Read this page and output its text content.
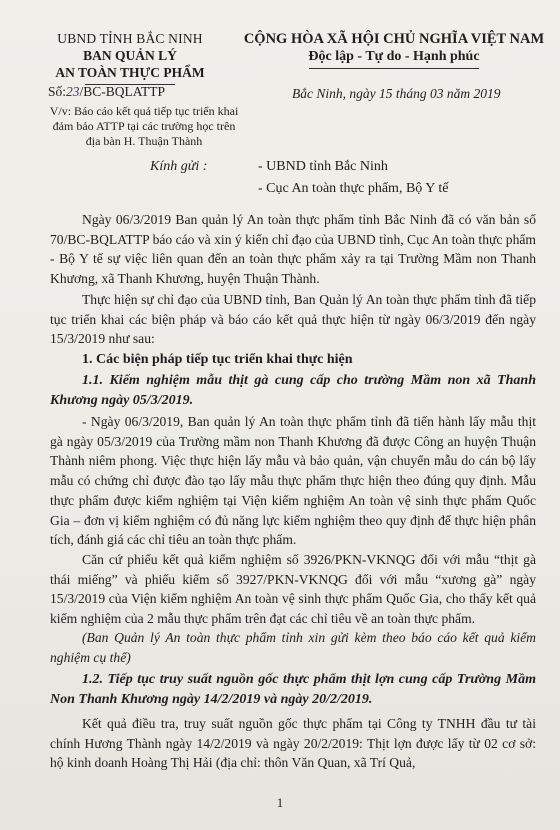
UBND TỈNH BẮC NINH
BAN QUẢN LÝ
AN TOÀN THỰC PHẨM
CỘNG HÒA XÃ HỘI CHỦ NGHĨA VIỆT NAM
Độc lập - Tự do - Hạnh phúc
Số:23/BC-BQLATTP
V/v: Báo cáo kết quả tiếp tục triển khai đảm bảo ATTP tại các trường học trên địa bàn H. Thuận Thành
Bắc Ninh, ngày 15 tháng 03 năm 2019
Kính gửi :	- UBND tỉnh Bắc Ninh
- Cục An toàn thực phẩm, Bộ Y tế
Ngày 06/3/2019 Ban quản lý An toàn thực phẩm tỉnh Bắc Ninh đã có văn bản số 70/BC-BQLATTP báo cáo và xin ý kiến chỉ đạo của UBND tỉnh, Cục An toàn thực phẩm - Bộ Y tế sự việc liên quan đến an toàn thực phẩm xảy ra tại Trường Mầm non Thanh Khương, xã Thanh Khương, huyện Thuận Thành.
Thực hiện sự chỉ đạo của UBND tỉnh, Ban Quản lý An toàn thực phẩm tỉnh đã tiếp tục triển khai các biện pháp và báo cáo kết quả thực hiện từ ngày 06/3/2019 đến ngày 15/3/2019 như sau:
1. Các biện pháp tiếp tục triển khai thực hiện
1.1. Kiểm nghiệm mẫu thịt gà cung cấp cho trường Mầm non xã Thanh Khương ngày 05/3/2019.
- Ngày 06/3/2019, Ban quản lý An toàn thực phẩm tỉnh đã tiến hành lấy mẫu thịt gà ngày 05/3/2019 của Trường mầm non Thanh Khương đã được Công an huyện Thuận Thành niêm phong. Việc thực hiện lấy mẫu và bảo quản, vận chuyển mẫu do cán bộ lấy mẫu có chứng chỉ được đào tạo lấy mẫu thực phẩm thực hiện theo đúng quy định. Mẫu thực phẩm được kiểm nghiệm tại Viện kiểm nghiệm An toàn vệ sinh thực phẩm Quốc Gia – đơn vị kiểm nghiệm có đủ năng lực kiểm nghiệm theo quy định để thực hiện phân tích, đánh giá các chỉ tiêu an toàn thực phẩm.
Căn cứ phiếu kết quả kiểm nghiệm số 3926/PKN-VKNQG đối với mẫu “thịt gà thái miếng” và phiếu kiểm số 3927/PKN-VKNQG đối với mẫu “xương gà” ngày 15/3/2019 của Viện kiểm nghiệm An toàn vệ sinh thực phẩm Quốc Gia, cho thấy kết quả kiểm nghiệm của 2 mẫu thực phẩm trên đạt các chỉ tiêu về an toàn thực phẩm.
(Ban Quản lý An toàn thực phẩm tỉnh xin gửi kèm theo báo cáo kết quả kiểm nghiệm cụ thể)
1.2. Tiếp tục truy suất nguồn gốc thực phẩm thịt lợn cung cấp Trường Mầm Non Thanh Khương ngày 14/2/2019 và ngày 20/2/2019.
Kết quả điều tra, truy suất nguồn gốc thực phẩm tại Công ty TNHH đầu tư tài chính Hương Thành ngày 14/2/2019 và ngày 20/2/2019: Thịt lợn được lấy từ 02 cơ sở: hộ kinh doanh Hoàng Thị Hải (địa chỉ: thôn Văn Quan, xã Trí Quả,
1
